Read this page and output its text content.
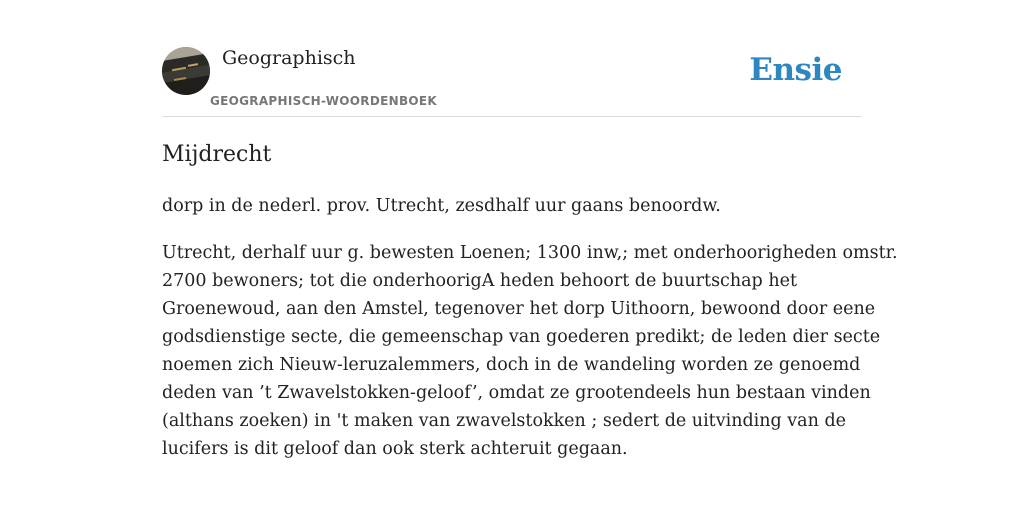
Geographisch
GEOGRAPHISCH-WOORDENBOEK
Ensie
Mijdrecht

dorp in de nederl. prov. Utrecht, zesdhalf uur gaans benoordw.

Utrecht, derhalf uur g. bewesten Loenen; 1300 inw,; met onderhoorigheden omstr.
2700 bewoners; tot die onderhoorigA heden behoort de buurtschap het
Groenewoud, aan den Amstel, tegenover het dorp Uithoorn, bewoond door eene
godsdienstige secte, die gemeenschap van goederen predikt; de leden dier secte
noemen zich Nieuw-leruzalemmers, doch in de wandeling worden ze genoemd
deden van ’t Zwavelstokken-geloof’, omdat ze grootendeels hun bestaan vinden
(althans zoeken) in 't maken van zwavelstokken ; sedert de uitvinding van de
lucifers is dit geloof dan ook sterk achteruit gegaan.
